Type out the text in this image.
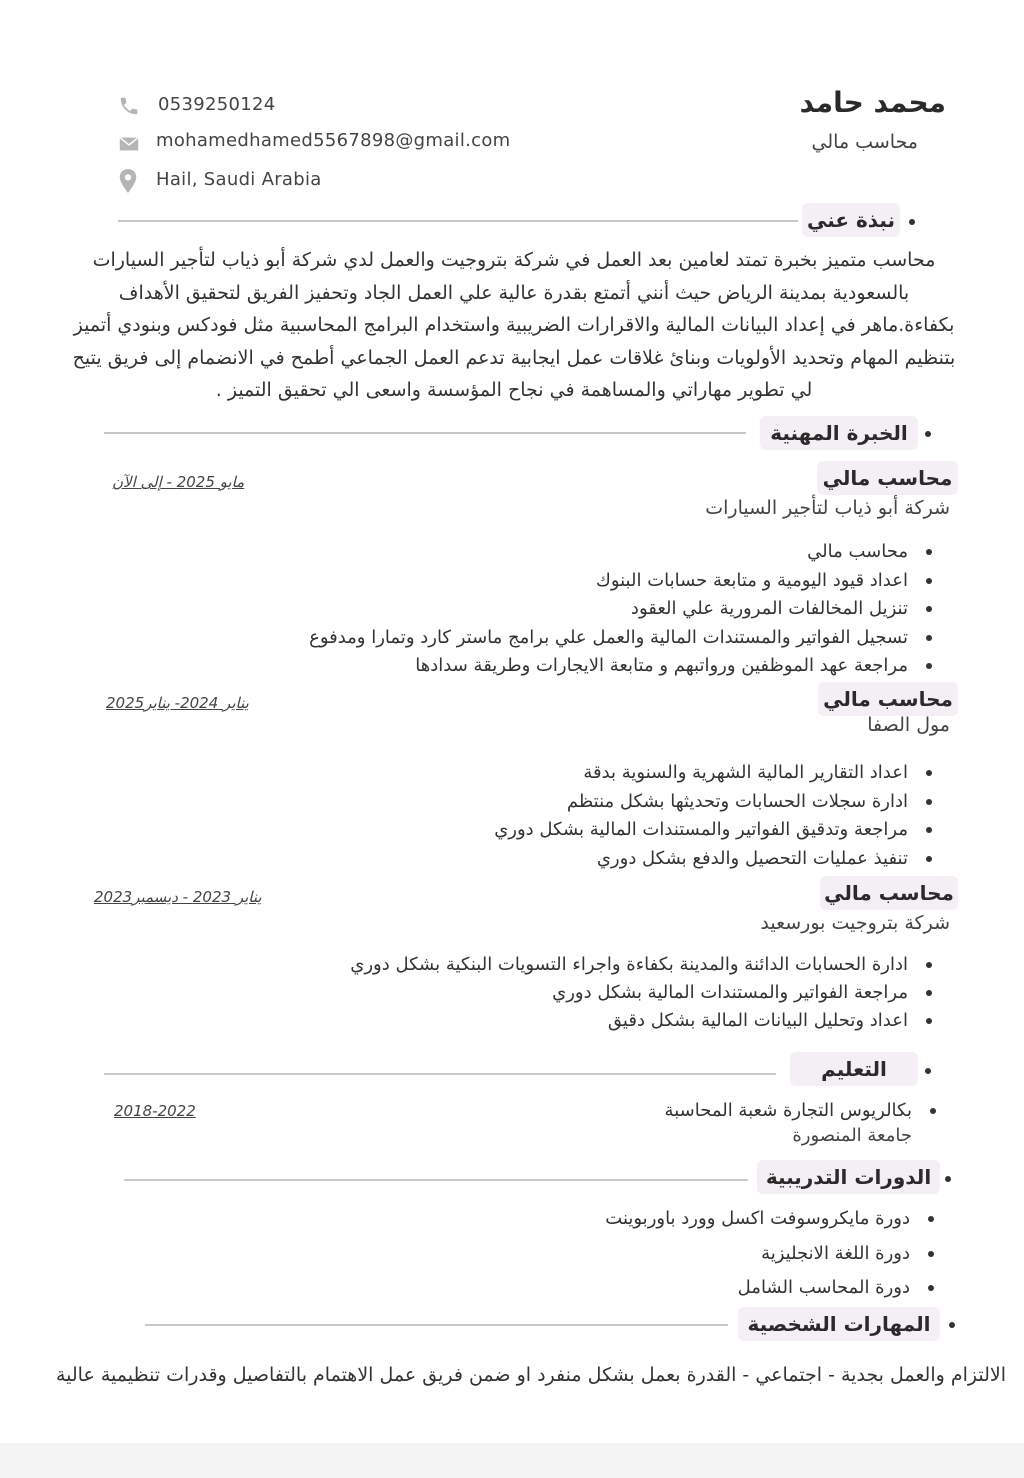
محمد حامد
محاسب مالي
0539250124
mohamedhamed5567898@gmail.com
Hail, Saudi Arabia
نبذة عني
محاسب متميز بخبرة تمتد لعامين بعد العمل في شركة بتروجيت والعمل لدي شركة أبو ذياب لتأجير السيارات بالسعودية بمدينة الرياض حيث أنني أتمتع بقدرة عالية علي العمل الجاد وتحفيز الفريق لتحقيق الأهداف بكفاءة.ماهر في إعداد البيانات المالية والاقرارات الضريبية واستخدام البرامج المحاسبية مثل فودكس وبنودي أتميز بتنظيم المهام وتحديد الأولويات وبنائ غلاقات عمل ايجابية تدعم العمل الجماعي أطمح في الانضمام إلى فريق يتيح لي تطوير مهاراتي والمساهمة في نجاح المؤسسة واسعى الي تحقيق التميز .
الخبرة المهنية
محاسب مالي
مايو 2025 - إلى الآن
شركة أبو ذياب لتأجير السيارات
محاسب مالي
اعداد قيود اليومية و متابعة حسابات البنوك
تنزيل المخالفات المرورية علي العقود
تسجيل الفواتير والمستندات المالية والعمل علي برامج ماستر كارد وتمارا ومدفوع
مراجعة عهد الموظفين ورواتبهم و متابعة الايجارات وطريقة سدادها
محاسب مالي
يناير 2024- يناير2025
مول الصفا
اعداد التقارير المالية الشهرية والسنوية بدقة
ادارة سجلات الحسابات وتحديثها بشكل منتظم
مراجعة وتدقيق الفواتير والمستندات المالية بشكل دوري
تنفيذ عمليات التحصيل والدفع بشكل دوري
محاسب مالي
يناير 2023 - ديسمبر2023
شركة بتروجيت بورسعيد
ادارة الحسابات الدائنة والمدينة بكفاءة واجراء التسويات البنكية بشكل دوري
مراجعة الفواتير والمستندات المالية بشكل دوري
اعداد وتحليل البيانات المالية بشكل دقيق
التعليم
بكالريوس التجارة شعبة المحاسبة
جامعة المنصورة
2018-2022
الدورات التدريبية
دورة مايكروسوفت اكسل وورد باوربوينت
دورة اللغة الانجليزية
دورة المحاسب الشامل
المهارات الشخصية
الالتزام والعمل بجدية - اجتماعي - القدرة بعمل بشكل منفرد او ضمن فريق عمل الاهتمام بالتفاصيل وقدرات تنظيمية عالية
